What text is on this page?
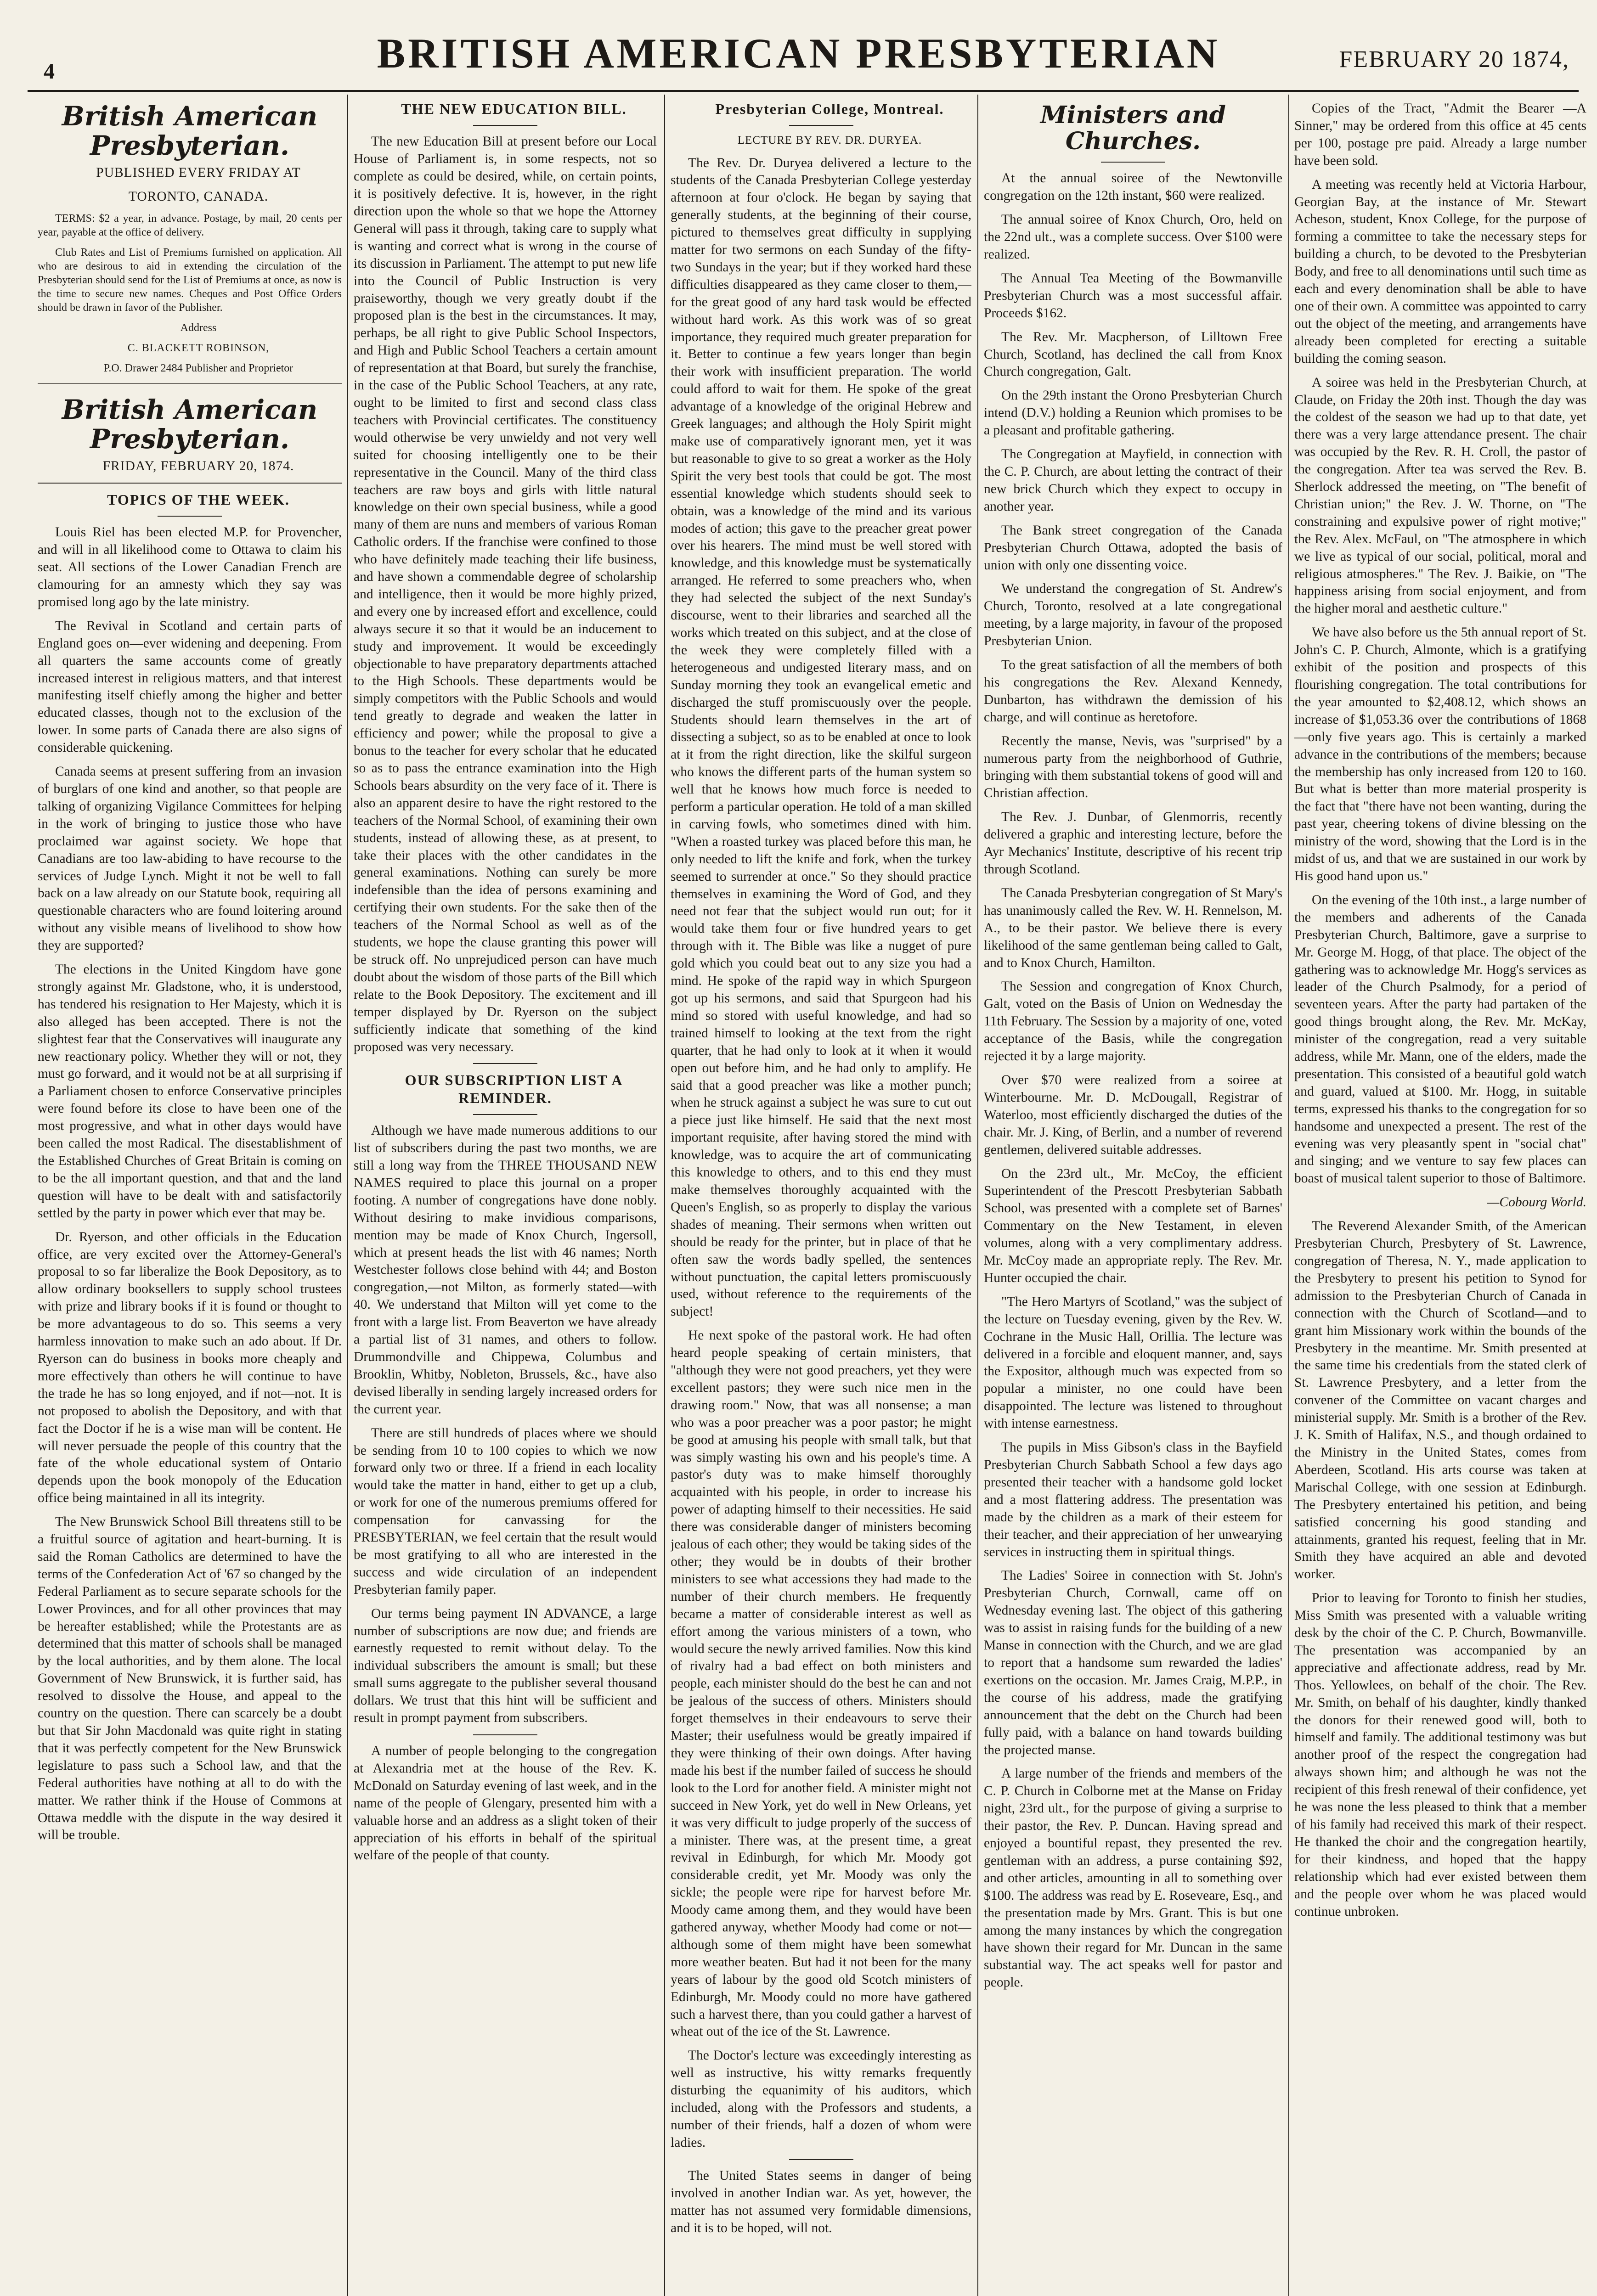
4	BRITISH AMERICAN PRESBYTERIAN	FEBRUARY 20 1874,
British American Presbyterian.

PUBLISHED EVERY FRIDAY AT

TORONTO, CANADA.

TERMS: $2 a year, in advance. Postage, by mail, 20 cents per year, payable at the office of delivery.

Club Rates and List of Premiums furnished on application. All who are desirous to aid in extending the circulation of the Presbyterian should send for the List of Premiums at once, as now is the time to secure new names. Cheques and Post Office Orders should be drawn in favor of the Publisher.

Address

C. BLACKETT ROBINSON,

P.O. Drawer 2484 Publisher and Proprietor

British American Presbyterian.

FRIDAY, FEBRUARY 20, 1874.

TOPICS OF THE WEEK.

Louis Riel has been elected M.P. for Provencher, and will in all likelihood come to Ottawa to claim his seat. All sections of the Lower Canadian French are clamouring for an amnesty which they say was promised long ago by the late ministry.

The Revival in Scotland and certain parts of England goes on—ever widening and deepening. From all quarters the same accounts come of greatly increased interest in religious matters, and that interest manifesting itself chiefly among the higher and better educated classes, though not to the exclusion of the lower. In some parts of Canada there are also signs of considerable quickening.

Canada seems at present suffering from an invasion of burglars of one kind and another, so that people are talking of organizing Vigilance Committees for helping in the work of bringing to justice those who have proclaimed war against society. We hope that Canadians are too law-abiding to have recourse to the services of Judge Lynch. Might it not be well to fall back on a law already on our Statute book, requiring all questionable characters who are found loitering around without any visible means of livelihood to show how they are supported?

The elections in the United Kingdom have gone strongly against Mr. Gladstone, who, it is understood, has tendered his resignation to Her Majesty, which it is also alleged has been accepted. There is not the slightest fear that the Conservatives will inaugurate any new reactionary policy. Whether they will or not, they must go forward, and it would not be at all surprising if a Parliament chosen to enforce Conservative principles were found before its close to have been one of the most progressive, and what in other days would have been called the most Radical. The disestablishment of the Established Churches of Great Britain is coming on to be the all important question, and that and the land question will have to be dealt with and satisfactorily settled by the party in power which ever that may be.

Dr. Ryerson, and other officials in the Education office, are very excited over the Attorney-General's proposal to so far liberalize the Book Depository, as to allow ordinary booksellers to supply school trustees with prize and library books if it is found or thought to be more advantageous to do so. This seems a very harmless innovation to make such an ado about. If Dr. Ryerson can do business in books more cheaply and more effectively than others he will continue to have the trade he has so long enjoyed, and if not—not. It is not proposed to abolish the Depository, and with that fact the Doctor if he is a wise man will be content. He will never persuade the people of this country that the fate of the whole educational system of Ontario depends upon the book monopoly of the Education office being maintained in all its integrity.

The New Brunswick School Bill threatens still to be a fruitful source of agitation and heart-burning. It is said the Roman Catholics are determined to have the terms of the Confederation Act of '67 so changed by the Federal Parliament as to secure separate schools for the Lower Provinces, and for all other provinces that may be hereafter established; while the Protestants are as determined that this matter of schools shall be managed by the local authorities, and by them alone. The local Government of New Brunswick, it is further said, has resolved to dissolve the House, and appeal to the country on the question. There can scarcely be a doubt but that Sir John Macdonald was quite right in stating that it was perfectly competent for the New Brunswick legislature to pass such a School law, and that the Federal authorities have nothing at all to do with the matter. We rather think if the House of Commons at Ottawa meddle with the dispute in the way desired it will be trouble.

THE NEW EDUCATION BILL.

The new Education Bill at present before our Local House of Parliament is, in some respects, not so complete as could be desired, while, on certain points, it is positively defective. It is, however, in the right direction upon the whole so that we hope the Attorney General will pass it through, taking care to supply what is wanting and correct what is wrong in the course of its discussion in Parliament. The attempt to put new life into the Council of Public Instruction is very praiseworthy, though we very greatly doubt if the proposed plan is the best in the circumstances. It may, perhaps, be all right to give Public School Inspectors, and High and Public School Teachers a certain amount of representation at that Board, but surely the franchise, in the case of the Public School Teachers, at any rate, ought to be limited to first and second class class teachers with Provincial certificates. The constituency would otherwise be very unwieldy and not very well suited for choosing intelligently one to be their representative in the Council. Many of the third class teachers are raw boys and girls with little natural knowledge on their own special business, while a good many of them are nuns and members of various Roman Catholic orders. If the franchise were confined to those who have definitely made teaching their life business, and have shown a commendable degree of scholarship and intelligence, then it would be more highly prized, and every one by increased effort and excellence, could always secure it so that it would be an inducement to study and improvement. It would be exceedingly objectionable to have preparatory departments attached to the High Schools. These departments would be simply competitors with the Public Schools and would tend greatly to degrade and weaken the latter in efficiency and power; while the proposal to give a bonus to the teacher for every scholar that he educated so as to pass the entrance examination into the High Schools bears absurdity on the very face of it. There is also an apparent desire to have the right restored to the teachers of the Normal School, of examining their own students, instead of allowing these, as at present, to take their places with the other candidates in the general examinations. Nothing can surely be more indefensible than the idea of persons examining and certifying their own students. For the sake then of the teachers of the Normal School as well as of the students, we hope the clause granting this power will be struck off. No unprejudiced person can have much doubt about the wisdom of those parts of the Bill which relate to the Book Depository. The excitement and ill temper displayed by Dr. Ryerson on the subject sufficiently indicate that something of the kind proposed was very necessary.

OUR SUBSCRIPTION LIST A REMINDER.

Although we have made numerous additions to our list of subscribers during the past two months, we are still a long way from the THREE THOUSAND NEW NAMES required to place this journal on a proper footing. A number of congregations have done nobly. Without desiring to make invidious comparisons, mention may be made of Knox Church, Ingersoll, which at present heads the list with 46 names; North Westchester follows close behind with 44; and Boston congregation,—not Milton, as formerly stated—with 40. We understand that Milton will yet come to the front with a large list. From Beaverton we have already a partial list of 31 names, and others to follow. Drummondville and Chippewa, Columbus and Brooklin, Whitby, Nobleton, Brussels, &c., have also devised liberally in sending largely increased orders for the current year.

There are still hundreds of places where we should be sending from 10 to 100 copies to which we now forward only two or three. If a friend in each locality would take the matter in hand, either to get up a club, or work for one of the numerous premiums offered for compensation for canvassing for the PRESBYTERIAN, we feel certain that the result would be most gratifying to all who are interested in the success and wide circulation of an independent Presbyterian family paper.

Our terms being payment IN ADVANCE, a large number of subscriptions are now due; and friends are earnestly requested to remit without delay. To the individual subscribers the amount is small; but these small sums aggregate to the publisher several thousand dollars. We trust that this hint will be sufficient and result in prompt payment from subscribers.

A number of people belonging to the congregation at Alexandria met at the house of the Rev. K. McDonald on Saturday evening of last week, and in the name of the people of Glengary, presented him with a valuable horse and an address as a slight token of their appreciation of his efforts in behalf of the spiritual welfare of the people of that county.

Presbyterian College, Montreal.

LECTURE BY REV. DR. DURYEA.

The Rev. Dr. Duryea delivered a lecture to the students of the Canada Presbyterian College yesterday afternoon at four o'clock. He began by saying that generally students, at the beginning of their course, pictured to themselves great difficulty in supplying matter for two sermons on each Sunday of the fifty-two Sundays in the year; but if they worked hard these difficulties disappeared as they came closer to them,—for the great good of any hard task would be effected without hard work. As this work was of so great importance, they required much greater preparation for it. Better to continue a few years longer than begin their work with insufficient preparation. The world could afford to wait for them. He spoke of the great advantage of a knowledge of the original Hebrew and Greek languages; and although the Holy Spirit might make use of comparatively ignorant men, yet it was but reasonable to give to so great a worker as the Holy Spirit the very best tools that could be got. The most essential knowledge which students should seek to obtain, was a knowledge of the mind and its various modes of action; this gave to the preacher great power over his hearers. The mind must be well stored with knowledge, and this knowledge must be systematically arranged. He referred to some preachers who, when they had selected the subject of the next Sunday's discourse, went to their libraries and searched all the works which treated on this subject, and at the close of the week they were completely filled with a heterogeneous and undigested literary mass, and on Sunday morning they took an evangelical emetic and discharged the stuff promiscuously over the people. Students should learn themselves in the art of dissecting a subject, so as to be enabled at once to look at it from the right direction, like the skilful surgeon who knows the different parts of the human system so well that he knows how much force is needed to perform a particular operation. He told of a man skilled in carving fowls, who sometimes dined with him. "When a roasted turkey was placed before this man, he only needed to lift the knife and fork, when the turkey seemed to surrender at once." So they should practice themselves in examining the Word of God, and they need not fear that the subject would run out; for it would take them four or five hundred years to get through with it. The Bible was like a nugget of pure gold which you could beat out to any size you had a mind. He spoke of the rapid way in which Spurgeon got up his sermons, and said that Spurgeon had his mind so stored with useful knowledge, and had so trained himself to looking at the text from the right quarter, that he had only to look at it when it would open out before him, and he had only to amplify. He said that a good preacher was like a mother punch; when he struck against a subject he was sure to cut out a piece just like himself. He said that the next most important requisite, after having stored the mind with knowledge, was to acquire the art of communicating this knowledge to others, and to this end they must make themselves thoroughly acquainted with the Queen's English, so as properly to display the various shades of meaning. Their sermons when written out should be ready for the printer, but in place of that he often saw the words badly spelled, the sentences without punctuation, the capital letters promiscuously used, without reference to the requirements of the subject!

He next spoke of the pastoral work. He had often heard people speaking of certain ministers, that "although they were not good preachers, yet they were excellent pastors; they were such nice men in the drawing room." Now, that was all nonsense; a man who was a poor preacher was a poor pastor; he might be good at amusing his people with small talk, but that was simply wasting his own and his people's time. A pastor's duty was to make himself thoroughly acquainted with his people, in order to increase his power of adapting himself to their necessities. He said there was considerable danger of ministers becoming jealous of each other; they would be taking sides of the other; they would be in doubts of their brother ministers to see what accessions they had made to the number of their church members. He frequently became a matter of considerable interest as well as effort among the various ministers of a town, who would secure the newly arrived families. Now this kind of rivalry had a bad effect on both ministers and people, each minister should do the best he can and not be jealous of the success of others. Ministers should forget themselves in their endeavours to serve their Master; their usefulness would be greatly impaired if they were thinking of their own doings. After having made his best if the number failed of success he should look to the Lord for another field. A minister might not succeed in New York, yet do well in New Orleans, yet it was very difficult to judge properly of the success of a minister. There was, at the present time, a great revival in Edinburgh, for which Mr. Moody got considerable credit, yet Mr. Moody was only the sickle; the people were ripe for harvest before Mr. Moody came among them, and they would have been gathered anyway, whether Moody had come or not—although some of them might have been somewhat more weather beaten. But had it not been for the many years of labour by the good old Scotch ministers of Edinburgh, Mr. Moody could no more have gathered such a harvest there, than you could gather a harvest of wheat out of the ice of the St. Lawrence.

The Doctor's lecture was exceedingly interesting as well as instructive, his witty remarks frequently disturbing the equanimity of his auditors, which included, along with the Professors and students, a number of their friends, half a dozen of whom were ladies.

The United States seems in danger of being involved in another Indian war. As yet, however, the matter has not assumed very formidable dimensions, and it is to be hoped, will not.

Ministers and Churches.

At the annual soiree of the Newtonville congregation on the 12th instant, $60 were realized.

The annual soiree of Knox Church, Oro, held on the 22nd ult., was a complete success. Over $100 were realized.

The Annual Tea Meeting of the Bowmanville Presbyterian Church was a most successful affair. Proceeds $162.

The Rev. Mr. Macpherson, of Lilltown Free Church, Scotland, has declined the call from Knox Church congregation, Galt.

On the 29th instant the Orono Presbyterian Church intend (D.V.) holding a Reunion which promises to be a pleasant and profitable gathering.

The Congregation at Mayfield, in connection with the C. P. Church, are about letting the contract of their new brick Church which they expect to occupy in another year.

The Bank street congregation of the Canada Presbyterian Church Ottawa, adopted the basis of union with only one dissenting voice.

We understand the congregation of St. Andrew's Church, Toronto, resolved at a late congregational meeting, by a large majority, in favour of the proposed Presbyterian Union.

To the great satisfaction of all the members of both his congregations the Rev. Alexand Kennedy, Dunbarton, has withdrawn the demission of his charge, and will continue as heretofore.

Recently the manse, Nevis, was "surprised" by a numerous party from the neighborhood of Guthrie, bringing with them substantial tokens of good will and Christian affection.

The Rev. J. Dunbar, of Glenmorris, recently delivered a graphic and interesting lecture, before the Ayr Mechanics' Institute, descriptive of his recent trip through Scotland.

The Canada Presbyterian congregation of St Mary's has unanimously called the Rev. W. H. Rennelson, M. A., to be their pastor. We believe there is every likelihood of the same gentleman being called to Galt, and to Knox Church, Hamilton.

The Session and congregation of Knox Church, Galt, voted on the Basis of Union on Wednesday the 11th February. The Session by a majority of one, voted acceptance of the Basis, while the congregation rejected it by a large majority.

Over $70 were realized from a soiree at Winterbourne. Mr. D. McDougall, Registrar of Waterloo, most efficiently discharged the duties of the chair. Mr. J. King, of Berlin, and a number of reverend gentlemen, delivered suitable addresses.

On the 23rd ult., Mr. McCoy, the efficient Superintendent of the Prescott Presbyterian Sabbath School, was presented with a complete set of Barnes' Commentary on the New Testament, in eleven volumes, along with a very complimentary address. Mr. McCoy made an appropriate reply. The Rev. Mr. Hunter occupied the chair.

"The Hero Martyrs of Scotland," was the subject of the lecture on Tuesday evening, given by the Rev. W. Cochrane in the Music Hall, Orillia. The lecture was delivered in a forcible and eloquent manner, and, says the Expositor, although much was expected from so popular a minister, no one could have been disappointed. The lecture was listened to throughout with intense earnestness.

The pupils in Miss Gibson's class in the Bayfield Presbyterian Church Sabbath School a few days ago presented their teacher with a handsome gold locket and a most flattering address. The presentation was made by the children as a mark of their esteem for their teacher, and their appreciation of her unwearying services in instructing them in spiritual things.

The Ladies' Soiree in connection with St. John's Presbyterian Church, Cornwall, came off on Wednesday evening last. The object of this gathering was to assist in raising funds for the building of a new Manse in connection with the Church, and we are glad to report that a handsome sum rewarded the ladies' exertions on the occasion. Mr. James Craig, M.P.P., in the course of his address, made the gratifying announcement that the debt on the Church had been fully paid, with a balance on hand towards building the projected manse.

A large number of the friends and members of the C. P. Church in Colborne met at the Manse on Friday night, 23rd ult., for the purpose of giving a surprise to their pastor, the Rev. P. Duncan. Having spread and enjoyed a bountiful repast, they presented the rev. gentleman with an address, a purse containing $92, and other articles, amounting in all to something over $100. The address was read by E. Roseveare, Esq., and the presentation made by Mrs. Grant. This is but one among the many instances by which the congregation have shown their regard for Mr. Duncan in the same substantial way. The act speaks well for pastor and people.

Copies of the Tract, "Admit the Bearer —A Sinner," may be ordered from this office at 45 cents per 100, postage pre paid. Already a large number have been sold.

A meeting was recently held at Victoria Harbour, Georgian Bay, at the instance of Mr. Stewart Acheson, student, Knox College, for the purpose of forming a committee to take the necessary steps for building a church, to be devoted to the Presbyterian Body, and free to all denominations until such time as each and every denomination shall be able to have one of their own. A committee was appointed to carry out the object of the meeting, and arrangements have already been completed for erecting a suitable building the coming season.

A soiree was held in the Presbyterian Church, at Claude, on Friday the 20th inst. Though the day was the coldest of the season we had up to that date, yet there was a very large attendance present. The chair was occupied by the Rev. R. H. Croll, the pastor of the congregation. After tea was served the Rev. B. Sherlock addressed the meeting, on "The benefit of Christian union;" the Rev. J. W. Thorne, on "The constraining and expulsive power of right motive;" the Rev. Alex. McFaul, on "The atmosphere in which we live as typical of our social, political, moral and religious atmospheres." The Rev. J. Baikie, on "The happiness arising from social enjoyment, and from the higher moral and aesthetic culture."

We have also before us the 5th annual report of St. John's C. P. Church, Almonte, which is a gratifying exhibit of the position and prospects of this flourishing congregation. The total contributions for the year amounted to $2,408.12, which shows an increase of $1,053.36 over the contributions of 1868—only five years ago. This is certainly a marked advance in the contributions of the members; because the membership has only increased from 120 to 160. But what is better than more material prosperity is the fact that "there have not been wanting, during the past year, cheering tokens of divine blessing on the ministry of the word, showing that the Lord is in the midst of us, and that we are sustained in our work by His good hand upon us."

On the evening of the 10th inst., a large number of the members and adherents of the Canada Presbyterian Church, Baltimore, gave a surprise to Mr. George M. Hogg, of that place. The object of the gathering was to acknowledge Mr. Hogg's services as leader of the Church Psalmody, for a period of seventeen years. After the party had partaken of the good things brought along, the Rev. Mr. McKay, minister of the congregation, read a very suitable address, while Mr. Mann, one of the elders, made the presentation. This consisted of a beautiful gold watch and guard, valued at $100. Mr. Hogg, in suitable terms, expressed his thanks to the congregation for so handsome and unexpected a present. The rest of the evening was very pleasantly spent in "social chat" and singing; and we venture to say few places can boast of musical talent superior to those of Baltimore.

—Cobourg World.

The Reverend Alexander Smith, of the American Presbyterian Church, Presbytery of St. Lawrence, congregation of Theresa, N. Y., made application to the Presbytery to present his petition to Synod for admission to the Presbyterian Church of Canada in connection with the Church of Scotland—and to grant him Missionary work within the bounds of the Presbytery in the meantime. Mr. Smith presented at the same time his credentials from the stated clerk of St. Lawrence Presbytery, and a letter from the convener of the Committee on vacant charges and ministerial supply. Mr. Smith is a brother of the Rev. J. K. Smith of Halifax, N.S., and though ordained to the Ministry in the United States, comes from Aberdeen, Scotland. His arts course was taken at Marischal College, with one session at Edinburgh. The Presbytery entertained his petition, and being satisfied concerning his good standing and attainments, granted his request, feeling that in Mr. Smith they have acquired an able and devoted worker.

Prior to leaving for Toronto to finish her studies, Miss Smith was presented with a valuable writing desk by the choir of the C. P. Church, Bowmanville. The presentation was accompanied by an appreciative and affectionate address, read by Mr. Thos. Yellowlees, on behalf of the choir. The Rev. Mr. Smith, on behalf of his daughter, kindly thanked the donors for their renewed good will, both to himself and family. The additional testimony was but another proof of the respect the congregation had always shown him; and although he was not the recipient of this fresh renewal of their confidence, yet he was none the less pleased to think that a member of his family had received this mark of their respect. He thanked the choir and the congregation heartily, for their kindness, and hoped that the happy relationship which had ever existed between them and the people over whom he was placed would continue unbroken.
